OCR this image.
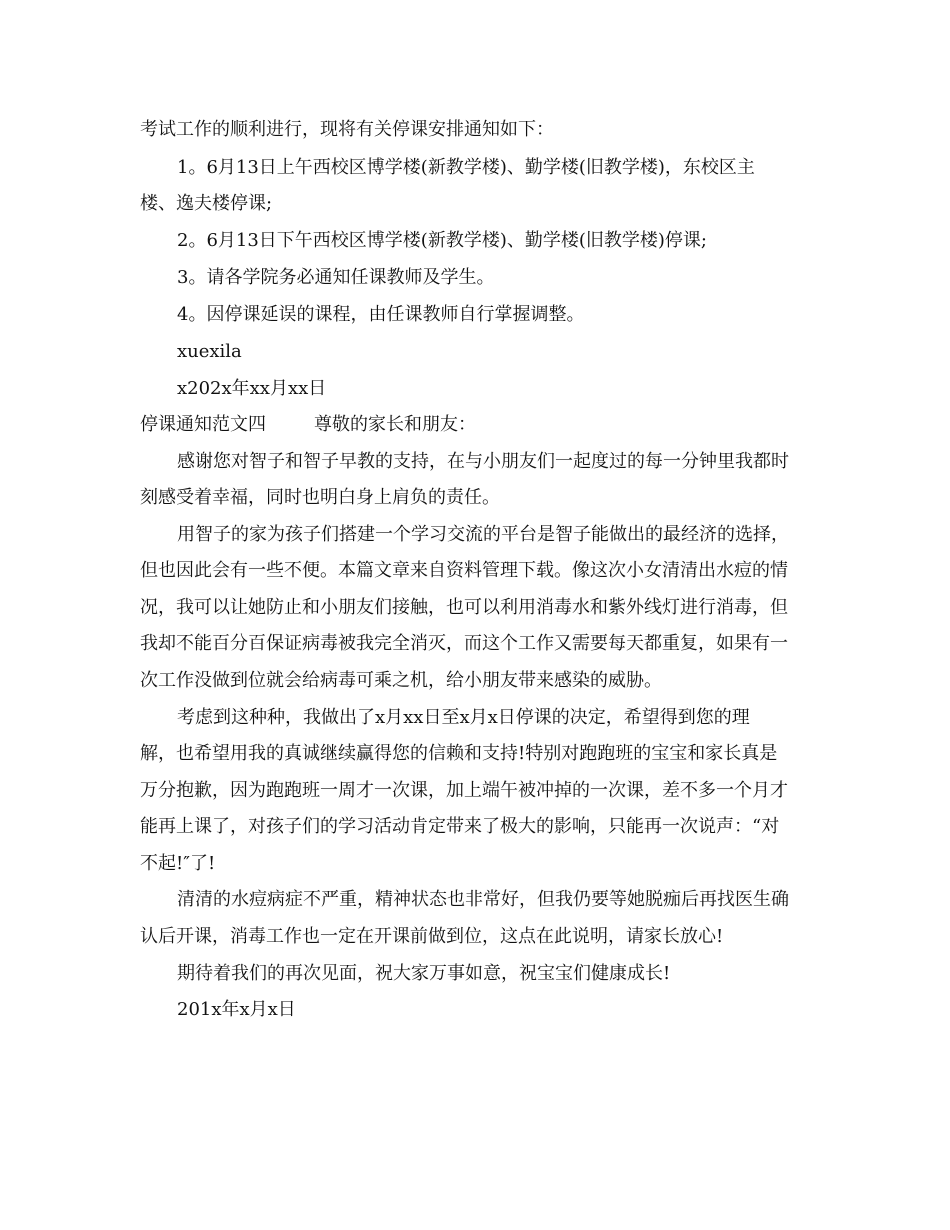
考试工作的顺利进行，现将有关停课安排通知如下：
1。6月13日上午西校区博学楼(新教学楼)、勤学楼(旧教学楼)，东校区主
楼、逸夫楼停课;
2。6月13日下午西校区博学楼(新教学楼)、勤学楼(旧教学楼)停课;
3。请各学院务必通知任课教师及学生。
4。因停课延误的课程，由任课教师自行掌握调整。
xuexila
x202x年xx月xx日
停课通知范文四	尊敬的家长和朋友：
感谢您对智子和智子早教的支持，在与小朋友们一起度过的每一分钟里我都时
刻感受着幸福，同时也明白身上肩负的责任。
用智子的家为孩子们搭建一个学习交流的平台是智子能做出的最经济的选择，
但也因此会有一些不便。本篇文章来自资料管理下载。像这次小女清清出水痘的情
况，我可以让她防止和小朋友们接触，也可以利用消毒水和紫外线灯进行消毒，但
我却不能百分百保证病毒被我完全消灭，而这个工作又需要每天都重复，如果有一
次工作没做到位就会给病毒可乘之机，给小朋友带来感染的威胁。
考虑到这种种，我做出了x月xx日至x月x日停课的决定，希望得到您的理
解，也希望用我的真诚继续赢得您的信赖和支持!特别对跑跑班的宝宝和家长真是
万分抱歉，因为跑跑班一周才一次课，加上端午被冲掉的一次课，差不多一个月才
能再上课了，对孩子们的学习活动肯定带来了极大的影响，只能再一次说声：“对
不起!″了!
清清的水痘病症不严重，精神状态也非常好，但我仍要等她脱痂后再找医生确
认后开课，消毒工作也一定在开课前做到位，这点在此说明，请家长放心!
期待着我们的再次见面，祝大家万事如意，祝宝宝们健康成长!
201x年x月x日
